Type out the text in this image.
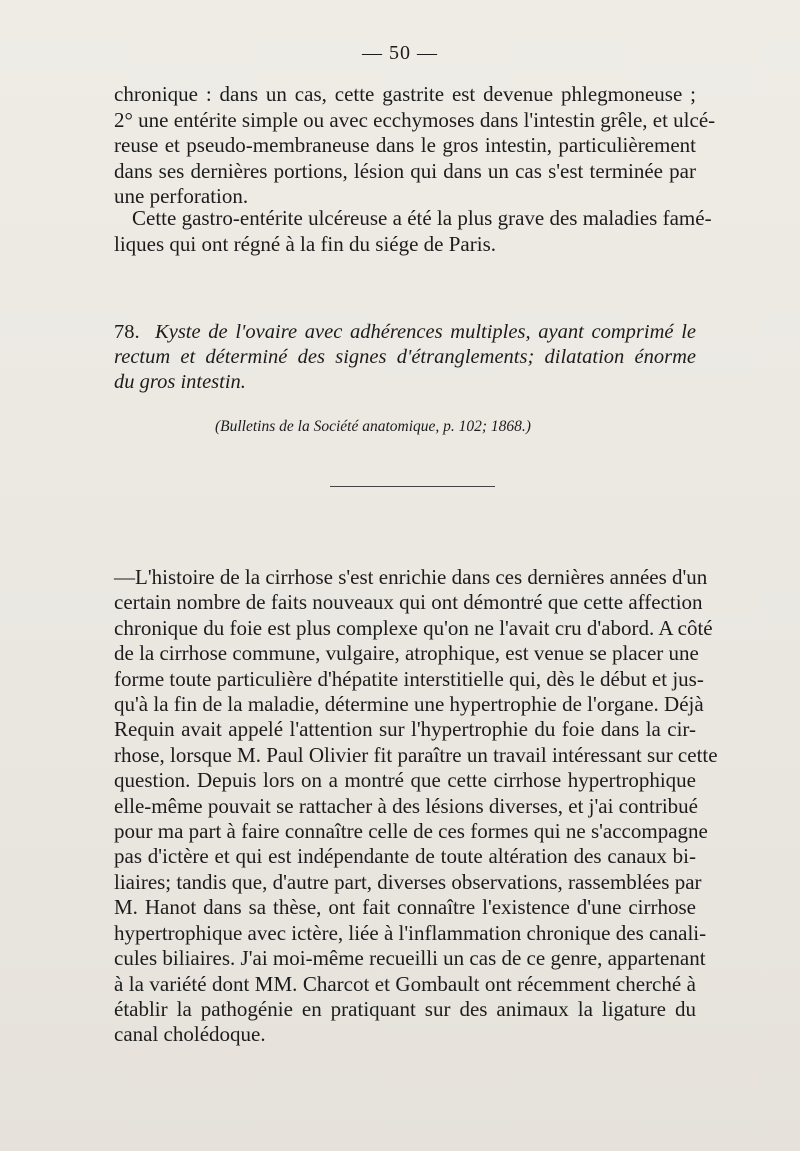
— 50 —
chronique : dans un cas, cette gastrite est devenue phlegmoneuse ;
2° une entérite simple ou avec ecchymoses dans l'intestin grêle, et ulcé-
reuse et pseudo-membraneuse dans le gros intestin, particulièrement
dans ses dernières portions, lésion qui dans un cas s'est terminée par
une perforation.
Cette gastro-entérite ulcéreuse a été la plus grave des maladies famé-
liques qui ont régné à la fin du siége de Paris.
78. Kyste de l'ovaire avec adhérences multiples, ayant comprimé le
rectum et déterminé des signes d'étranglements; dilatation énorme
du gros intestin.
(Bulletins de la Société anatomique, p. 102; 1868.)
—L'histoire de la cirrhose s'est enrichie dans ces dernières années d'un
certain nombre de faits nouveaux qui ont démontré que cette affection
chronique du foie est plus complexe qu'on ne l'avait cru d'abord. A côté
de la cirrhose commune, vulgaire, atrophique, est venue se placer une
forme toute particulière d'hépatite interstitielle qui, dès le début et jus-
qu'à la fin de la maladie, détermine une hypertrophie de l'organe. Déjà
Requin avait appelé l'attention sur l'hypertrophie du foie dans la cir-
rhose, lorsque M. Paul Olivier fit paraître un travail intéressant sur cette
question. Depuis lors on a montré que cette cirrhose hypertrophique
elle-même pouvait se rattacher à des lésions diverses, et j'ai contribué
pour ma part à faire connaître celle de ces formes qui ne s'accompagne
pas d'ictère et qui est indépendante de toute altération des canaux bi-
liaires; tandis que, d'autre part, diverses observations, rassemblées par
M. Hanot dans sa thèse, ont fait connaître l'existence d'une cirrhose
hypertrophique avec ictère, liée à l'inflammation chronique des canali-
cules biliaires. J'ai moi-même recueilli un cas de ce genre, appartenant
à la variété dont MM. Charcot et Gombault ont récemment cherché à
établir la pathogénie en pratiquant sur des animaux la ligature du
canal cholédoque.
